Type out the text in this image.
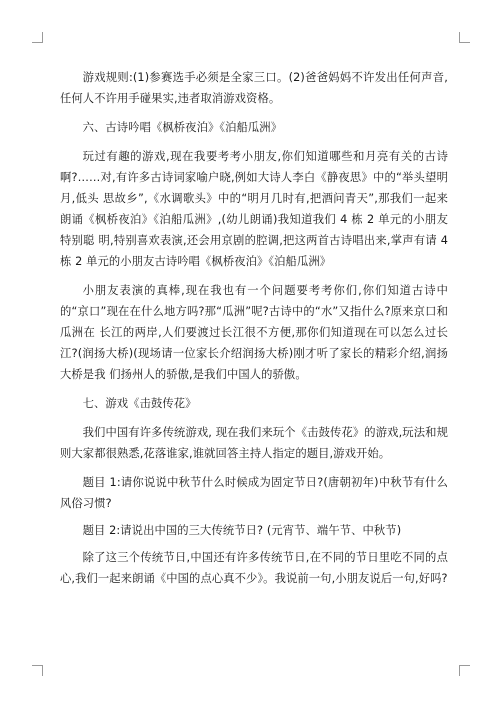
游戏规则:(1)参赛选手必须是全家三口。(2)爸爸妈妈不许发出任何声音,任何人不许用手碰果实,违者取消游戏资格。

六、古诗吟唱《枫桥夜泊》《泊船瓜洲》

玩过有趣的游戏,现在我要考考小朋友,你们知道哪些和月亮有关的古诗啊?……对,有许多古诗词家喻户晓,例如大诗人李白《静夜思》中的“举头望明月,低头 思故乡”,《水调歌头》中的“明月几时有,把酒问青天”,那我们一起来朗诵《枫桥夜泊》《泊船瓜洲》,(幼儿朗诵)我知道我们 4 栋 2 单元的小朋友特别聪 明,特别喜欢表演,还会用京剧的腔调,把这两首古诗唱出来,掌声有请 4 栋 2 单元的小朋友古诗吟唱《枫桥夜泊》《泊船瓜洲》

小朋友表演的真棒,现在我也有一个问题要考考你们,你们知道古诗中的“京口”现在在什么地方吗?那“瓜洲”呢?古诗中的“水”又指什么?原来京口和瓜洲在 长江的两岸,人们要渡过长江很不方便,那你们知道现在可以怎么过长江?(润扬大桥)(现场请一位家长介绍润扬大桥)刚才听了家长的精彩介绍,润扬大桥是我 们扬州人的骄傲,是我们中国人的骄傲。

七、游戏《击鼓传花》

我们中国有许多传统游戏, 现在我们来玩个《击鼓传花》的游戏,玩法和规则大家都很熟悉,花落谁家,谁就回答主持人指定的题目,游戏开始。

题目 1:请你说说中秋节什么时候成为固定节日?(唐朝初年)中秋节有什么风俗习惯?

题目 2:请说出中国的三大传统节日? (元宵节、端午节、中秋节)

除了这三个传统节日,中国还有许多传统节日,在不同的节日里吃不同的点心,我们一起来朗诵《中国的点心真不少》。我说前一句,小朋友说后一句,好吗?
